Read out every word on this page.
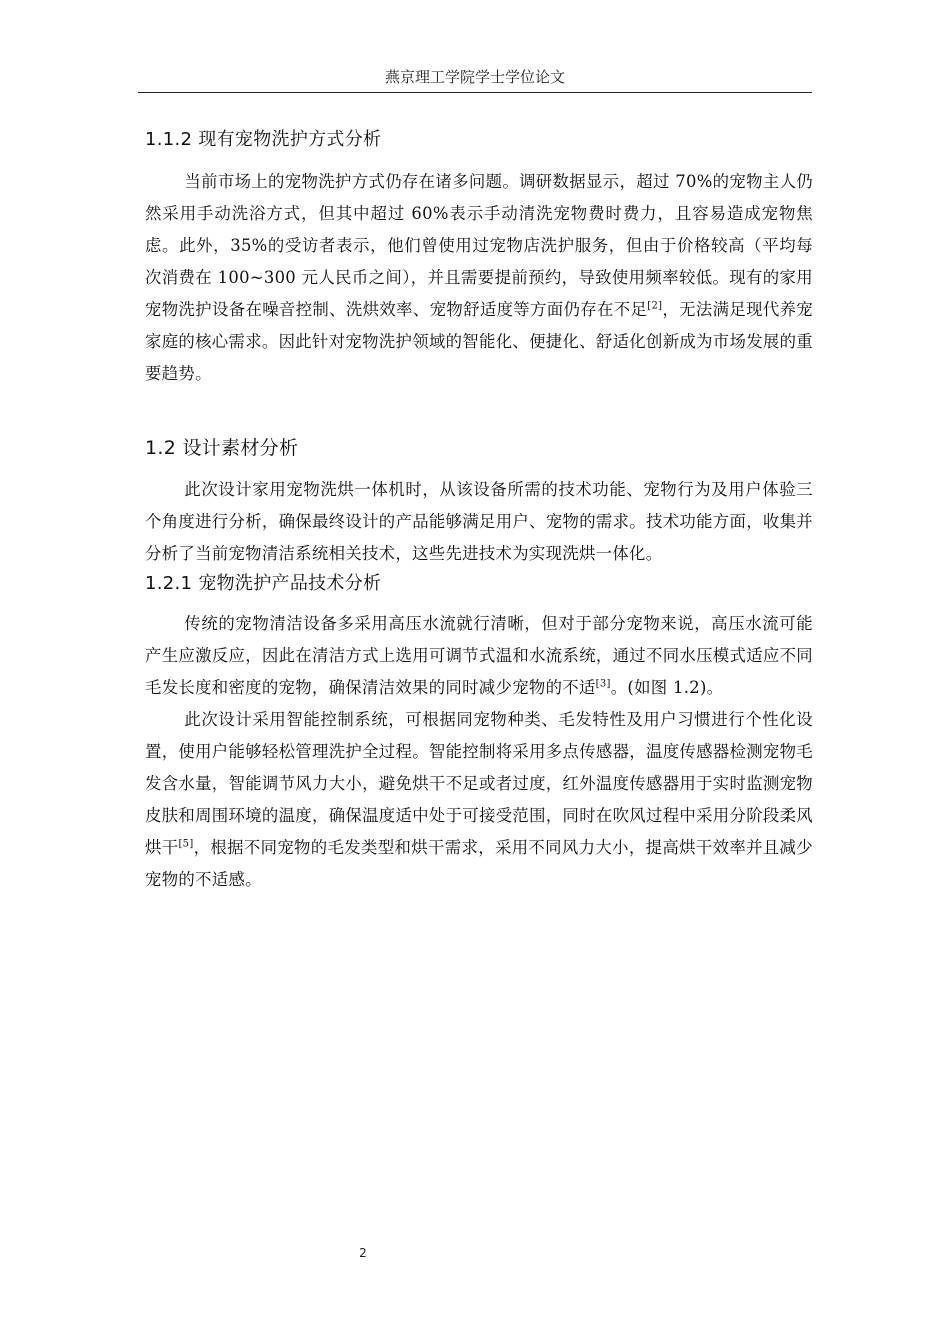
燕京理工学院学士学位论文
1.1.2 现有宠物洗护方式分析

当前市场上的宠物洗护方式仍存在诸多问题。调研数据显示，超过 70%的宠物主人仍然采用手动洗浴方式，但其中超过 60%表示手动清洗宠物费时费力，且容易造成宠物焦虑。此外，35%的受访者表示，他们曾使用过宠物店洗护服务，但由于价格较高（平均每次消费在 100~300 元人民币之间），并且需要提前预约，导致使用频率较低。现有的家用宠物洗护设备在噪音控制、洗烘效率、宠物舒适度等方面仍存在不足[2]，无法满足现代养宠家庭的核心需求。因此针对宠物洗护领域的智能化、便捷化、舒适化创新成为市场发展的重要趋势。

1.2 设计素材分析

此次设计家用宠物洗烘一体机时，从该设备所需的技术功能、宠物行为及用户体验三个角度进行分析，确保最终设计的产品能够满足用户、宠物的需求。技术功能方面，收集并分析了当前宠物清洁系统相关技术，这些先进技术为实现洗烘一体化。

1.2.1 宠物洗护产品技术分析

传统的宠物清洁设备多采用高压水流就行清晰，但对于部分宠物来说，高压水流可能产生应激反应，因此在清洁方式上选用可调节式温和水流系统，通过不同水压模式适应不同毛发长度和密度的宠物，确保清洁效果的同时减少宠物的不适[3]。(如图 1.2)。

此次设计采用智能控制系统，可根据同宠物种类、毛发特性及用户习惯进行个性化设置，使用户能够轻松管理洗护全过程。智能控制将采用多点传感器，温度传感器检测宠物毛发含水量，智能调节风力大小，避免烘干不足或者过度，红外温度传感器用于实时监测宠物皮肤和周围环境的温度，确保温度适中处于可接受范围，同时在吹风过程中采用分阶段柔风烘干[5]，根据不同宠物的毛发类型和烘干需求，采用不同风力大小，提高烘干效率并且减少宠物的不适感。

2
